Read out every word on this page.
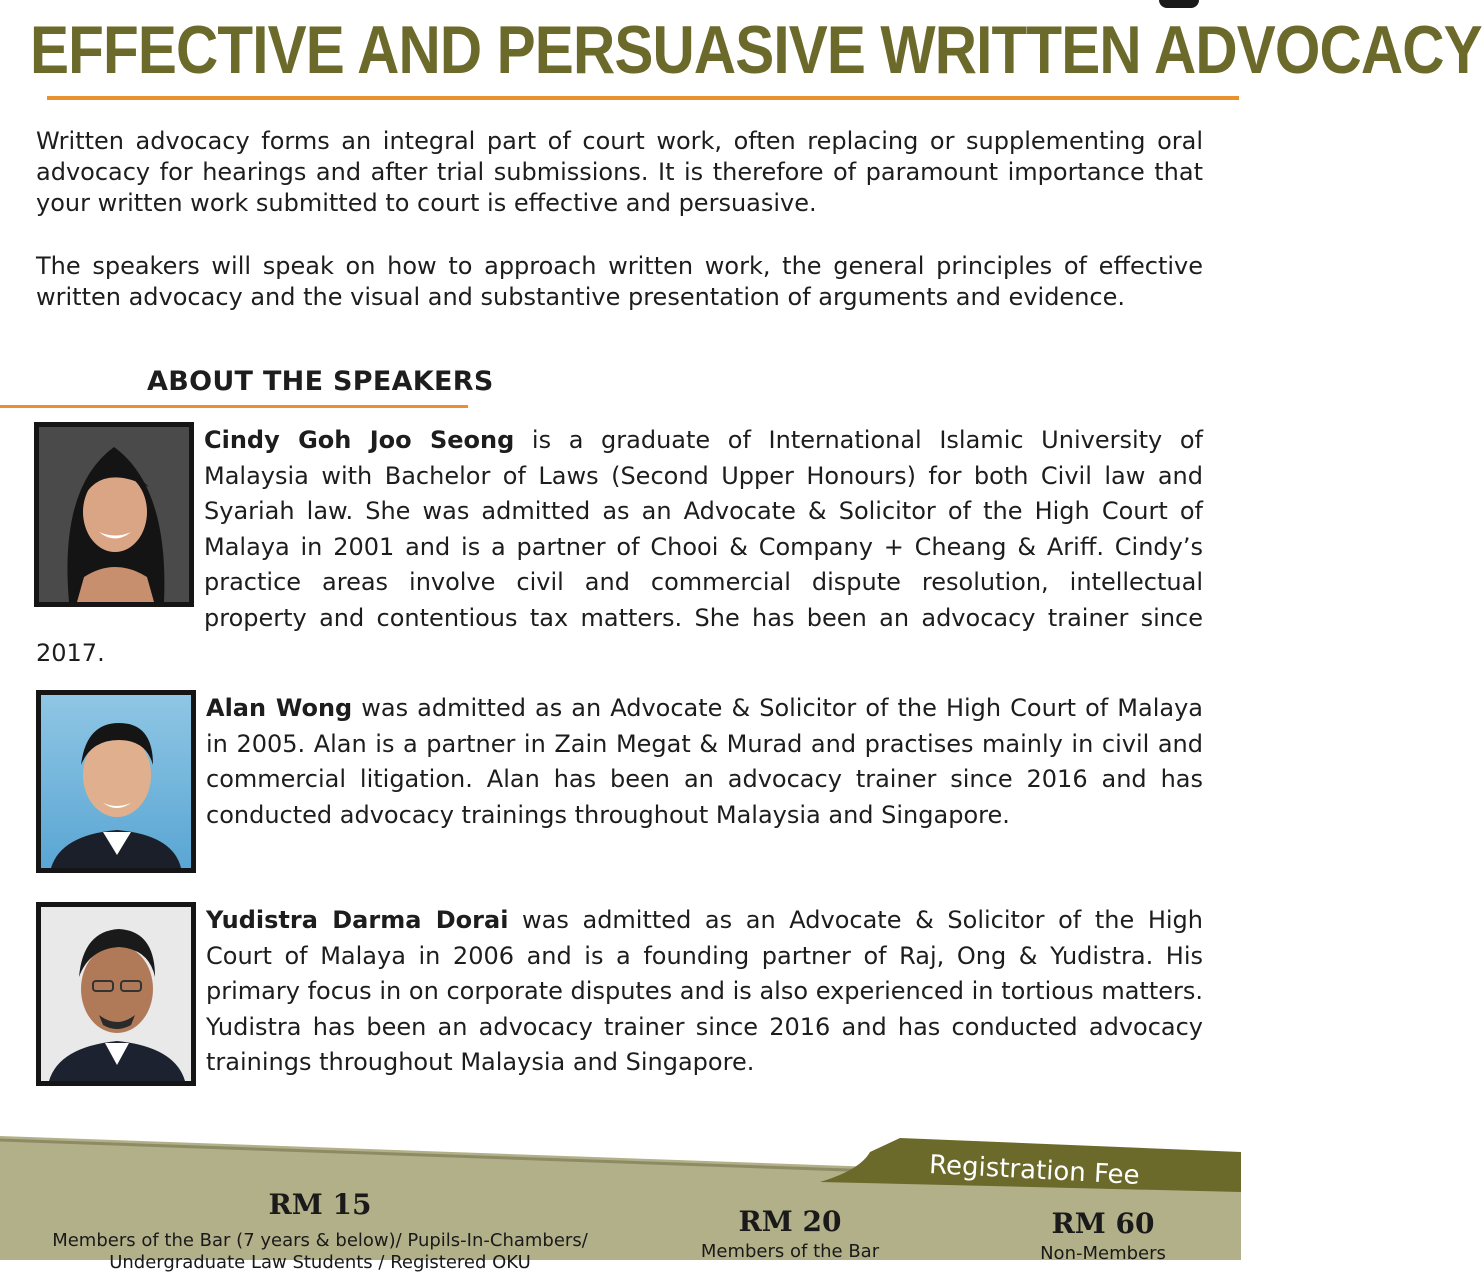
EFFECTIVE AND PERSUASIVE WRITTEN ADVOCACY

Written advocacy forms an integral part of court work, often replacing or supplementing oral advocacy for hearings and after trial submissions. It is therefore of paramount importance that your written work submitted to court is effective and persuasive.

The speakers will speak on how to approach written work, the general principles of effective written advocacy and the visual and substantive presentation of arguments and evidence.

ABOUT THE SPEAKERS

Cindy Goh Joo Seong is a graduate of International Islamic University of Malaysia with Bachelor of Laws (Second Upper Honours) for both Civil law and Syariah law. She was admitted as an Advocate & Solicitor of the High Court of Malaya in 2001 and is a partner of Chooi & Company + Cheang & Ariff. Cindy’s practice areas involve civil and commercial dispute resolution, intellectual property and contentious tax matters. She has been an advocacy trainer since 2017.

Alan Wong was admitted as an Advocate & Solicitor of the High Court of Malaya in 2005. Alan is a partner in Zain Megat & Murad and practises mainly in civil and commercial litigation. Alan has been an advocacy trainer since 2016 and has conducted advocacy trainings throughout Malaysia and Singapore.

Yudistra Darma Dorai was admitted as an Advocate & Solicitor of the High Court of Malaya in 2006 and is a founding partner of Raj, Ong & Yudistra. His primary focus in on corporate disputes and is also experienced in tortious matters. Yudistra has been an advocacy trainer since 2016 and has conducted advocacy trainings throughout Malaysia and Singapore.

Registration Fee
RM 15
Members of the Bar (7 years & below)/ Pupils-In-Chambers/
Undergraduate Law Students / Registered OKU
RM 20
Members of the Bar
RM 60
Non-Members
